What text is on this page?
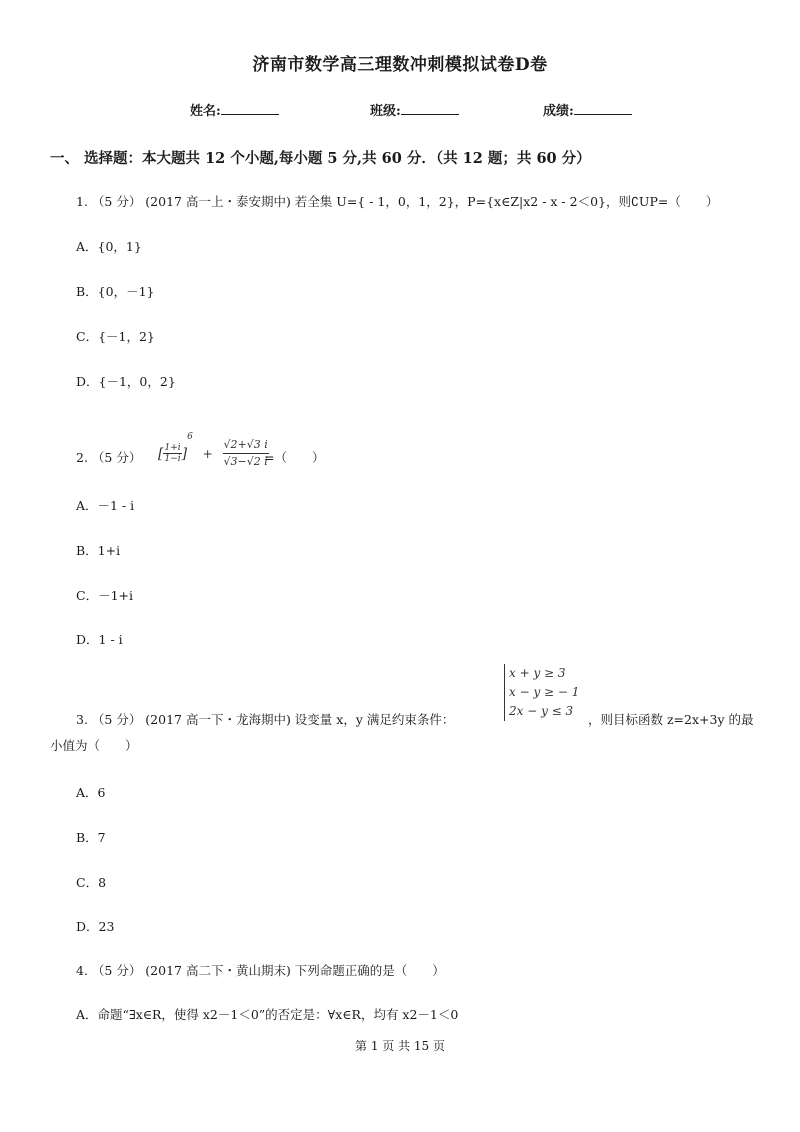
济南市数学高三理数冲刺模拟试卷D卷
姓名:	班级:	成绩:
一、 选择题：本大题共 12 个小题,每小题 5 分,共 60 分．（共 12 题；共 60 分）
1. （5 分） (2017 高一上・泰安期中) 若全集 U={ - 1，0，1，2}，P={x∈Z|x2 - x - 2＜0}，则∁UP=（　　）
A．{0，1}
B．{0，－1}
C．{－1，2}
D．{－1，0，2}
2. （5 分） [ $\frac{1+i}{1-i} ]^6 + \frac{√2+√3 i}{√3-√2 i}$
=（　　）
A．－1 - i
B．1+i
C．－1+i
D．1 - i
3. （5 分） (2017 高一下・龙海期中) 设变量 x，y 满足约束条件：
x + y ≥ 3
x − y ≥ − 1
2x − y ≤ 3
，则目标函数 z=2x+3y 的最
小值为（　　）
A．6
B．7
C．8
D．23
4. （5 分） (2017 高二下・黄山期末) 下列命题正确的是（　　）
A．命题“∃x∈R，使得 x2－1＜0”的否定是：∀x∈R，均有 x2－1＜0
第 1 页 共 15 页
